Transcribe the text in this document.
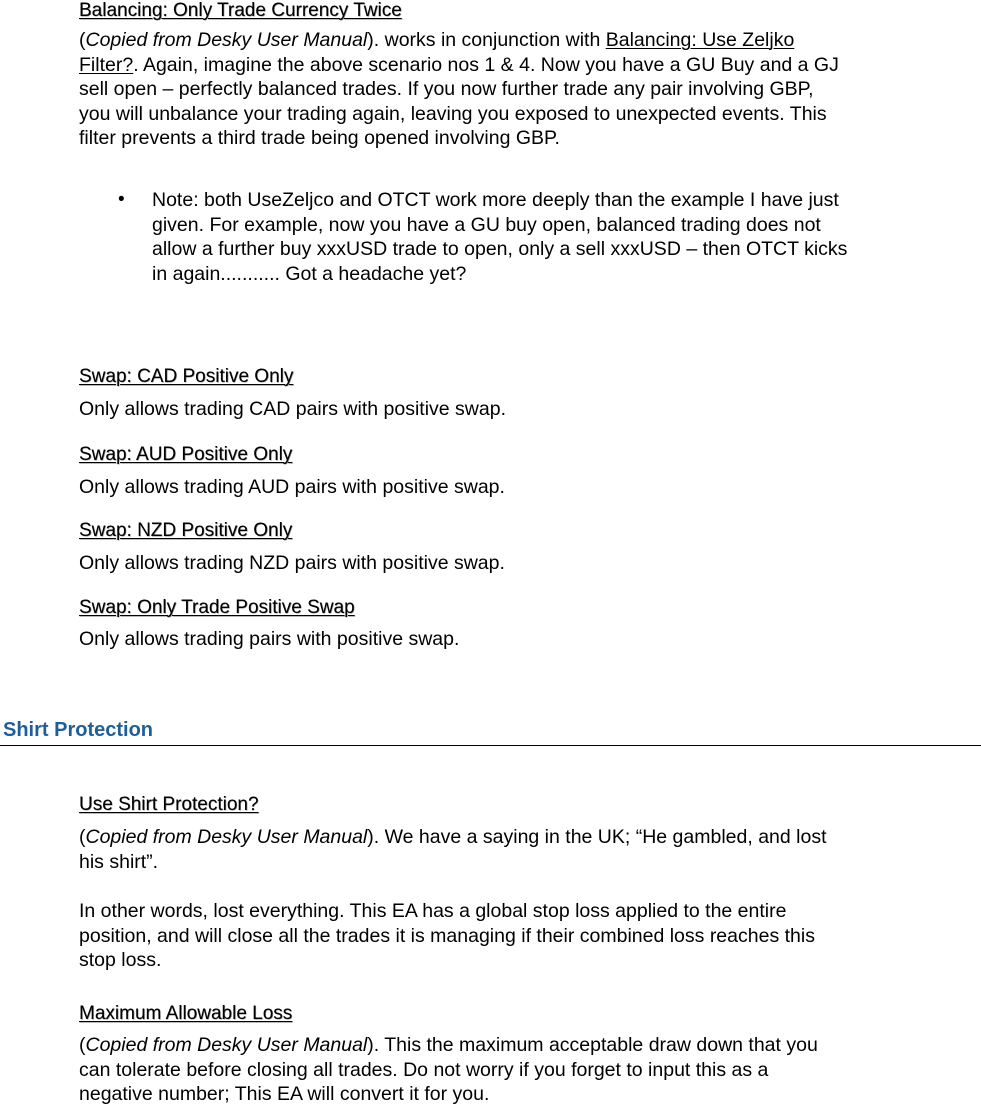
Balancing: Only Trade Currency Twice
(Copied from Desky User Manual). works in conjunction with Balancing: Use Zeljko
Filter?. Again, imagine the above scenario nos 1 & 4. Now you have a GU Buy and a GJ
sell open – perfectly balanced trades. If you now further trade any pair involving GBP,
you will unbalance your trading again, leaving you exposed to unexpected events. This
filter prevents a third trade being opened involving GBP.
• Note: both UseZeljco and OTCT work more deeply than the example I have just
given. For example, now you have a GU buy open, balanced trading does not
allow a further buy xxxUSD trade to open, only a sell xxxUSD – then OTCT kicks
in again........... Got a headache yet?
Swap: CAD Positive Only
Only allows trading CAD pairs with positive swap.
Swap: AUD Positive Only
Only allows trading AUD pairs with positive swap.
Swap: NZD Positive Only
Only allows trading NZD pairs with positive swap.
Swap: Only Trade Positive Swap
Only allows trading pairs with positive swap.
Shirt Protection
Use Shirt Protection?
(Copied from Desky User Manual). We have a saying in the UK; “He gambled, and lost
his shirt”.
In other words, lost everything. This EA has a global stop loss applied to the entire
position, and will close all the trades it is managing if their combined loss reaches this
stop loss.
Maximum Allowable Loss
(Copied from Desky User Manual). This the maximum acceptable draw down that you
can tolerate before closing all trades. Do not worry if you forget to input this as a
negative number; This EA will convert it for you.
